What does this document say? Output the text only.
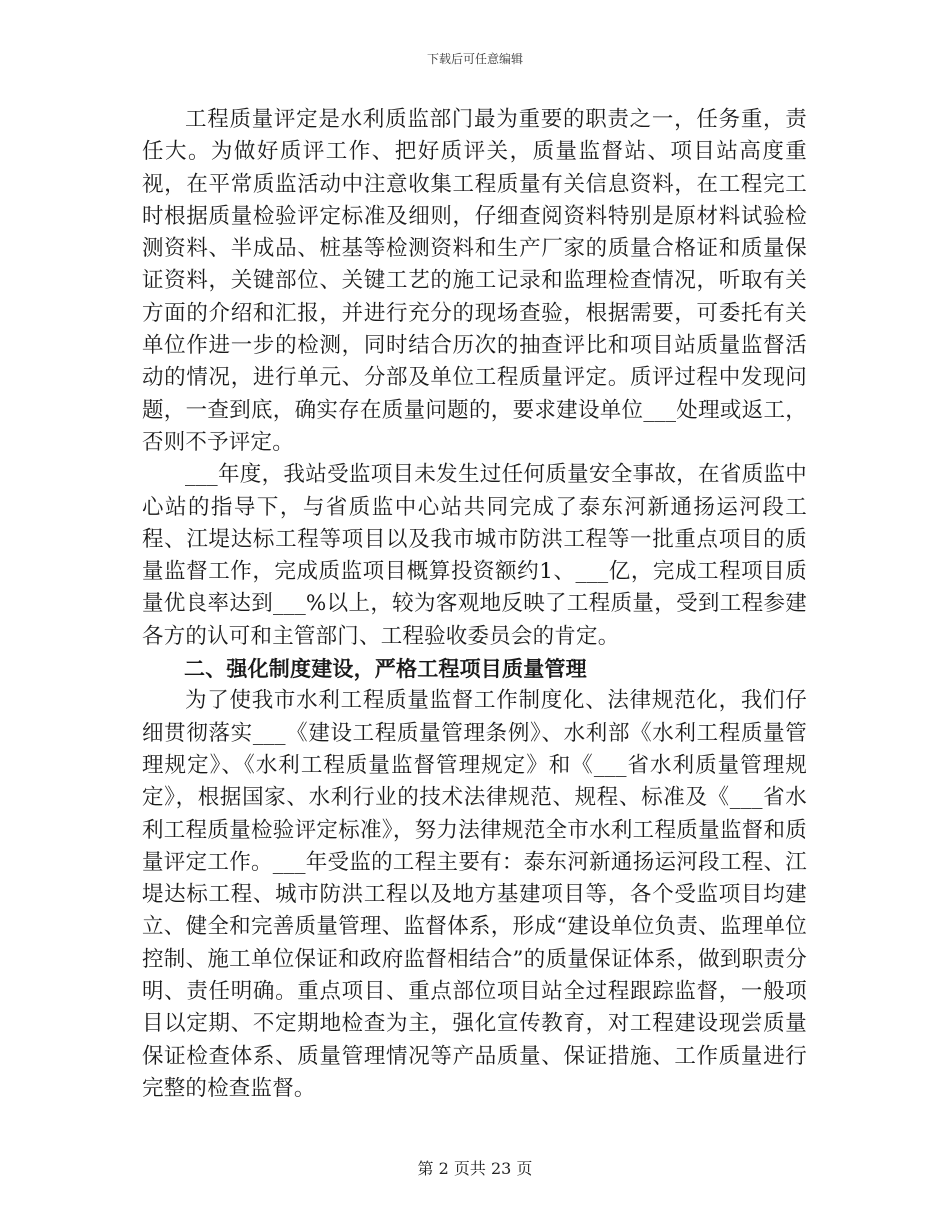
下载后可任意编辑

工程质量评定是水利质监部门最为重要的职责之一，任务重，责任大。为做好质评工作、把好质评关，质量监督站、项目站高度重视，在平常质监活动中注意收集工程质量有关信息资料，在工程完工时根据质量检验评定标准及细则，仔细查阅资料特别是原材料试验检测资料、半成品、桩基等检测资料和生产厂家的质量合格证和质量保证资料，关键部位、关键工艺的施工记录和监理检查情况，听取有关方面的介绍和汇报，并进行充分的现场查验，根据需要，可委托有关单位作进一步的检测，同时结合历次的抽查评比和项目站质量监督活动的情况，进行单元、分部及单位工程质量评定。质评过程中发现问题，一查到底，确实存在质量问题的，要求建设单位___处理或返工，否则不予评定。

___年度，我站受监项目未发生过任何质量安全事故，在省质监中心站的指导下，与省质监中心站共同完成了泰东河新通扬运河段工程、江堤达标工程等项目以及我市城市防洪工程等一批重点项目的质量监督工作，完成质监项目概算投资额约1、___亿，完成工程项目质量优良率达到___%以上，较为客观地反映了工程质量，受到工程参建各方的认可和主管部门、工程验收委员会的肯定。

二、强化制度建设，严格工程项目质量管理

为了使我市水利工程质量监督工作制度化、法律规范化，我们仔细贯彻落实___《建设工程质量管理条例》、水利部《水利工程质量管理规定》、《水利工程质量监督管理规定》和《___省水利质量管理规定》，根据国家、水利行业的技术法律规范、规程、标准及《___省水利工程质量检验评定标准》，努力法律规范全市水利工程质量监督和质量评定工作。___年受监的工程主要有：泰东河新通扬运河段工程、江堤达标工程、城市防洪工程以及地方基建项目等，各个受监项目均建立、健全和完善质量管理、监督体系，形成“建设单位负责、监理单位控制、施工单位保证和政府监督相结合”的质量保证体系，做到职责分明、责任明确。重点项目、重点部位项目站全过程跟踪监督，一般项目以定期、不定期地检查为主，强化宣传教育，对工程建设现尝质量保证检查体系、质量管理情况等产品质量、保证措施、工作质量进行完整的检查监督。

第 2 页共 23 页
